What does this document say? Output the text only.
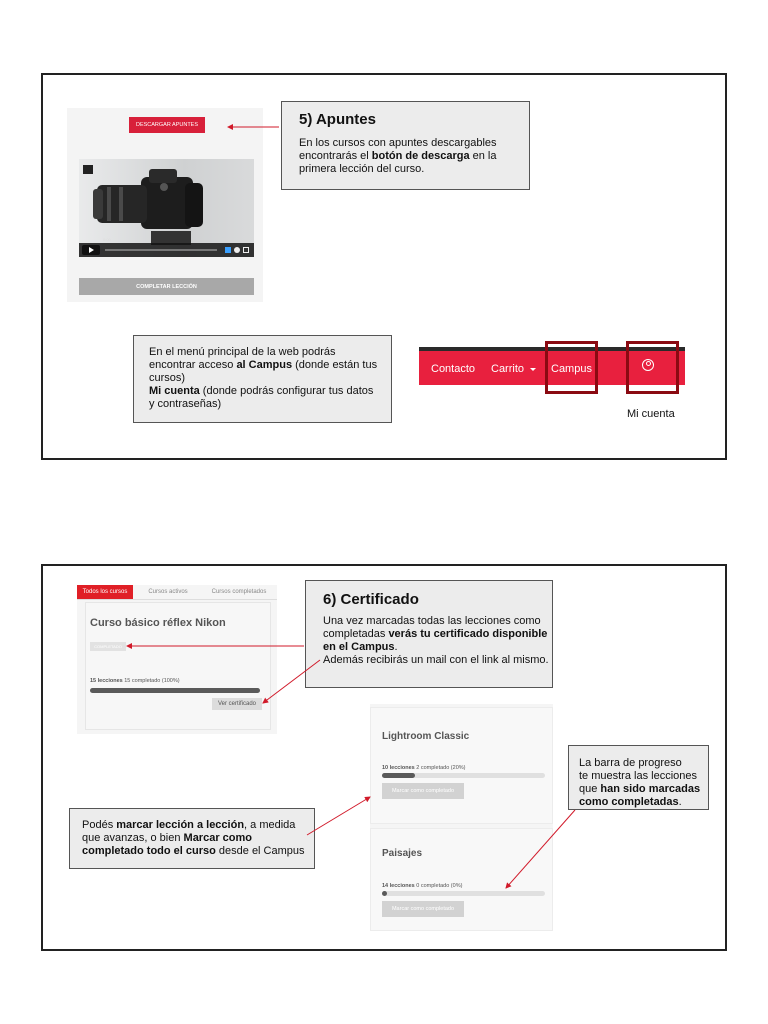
DESCARGAR APUNTES
0:00
COMPLETAR LECCIÓN
5) Apuntes
En los cursos con apuntes descargables
encontrarás el botón de descarga en la
primera lección del curso.
En el menú principal de la web podrás
encontrar acceso al Campus (donde están tus
cursos)
Mi cuenta (donde podrás configurar tus datos
y contraseñas)
Contacto Carrito	Campus
Mi cuenta
Todos los cursos	Cursos activos	Cursos completados
Curso básico réflex Nikon
COMPLETADO
15 lecciones 15 completado (100%)
Ver certificado
6) Certificado
Una vez marcadas todas las lecciones como
completadas verás tu certificado disponible
en el Campus.
Además recibirás un mail con el link al mismo.
Lightroom Classic
10 lecciones 2 completado (20%)
Marcar como completado
Paisajes
14 lecciones 0 completado (0%)
Marcar como completado
Podés marcar lección a lección, a medida
que avanzas, o bien Marcar como
completado todo el curso desde el Campus
La barra de progreso
te muestra las lecciones
que han sido marcadas
como completadas.
